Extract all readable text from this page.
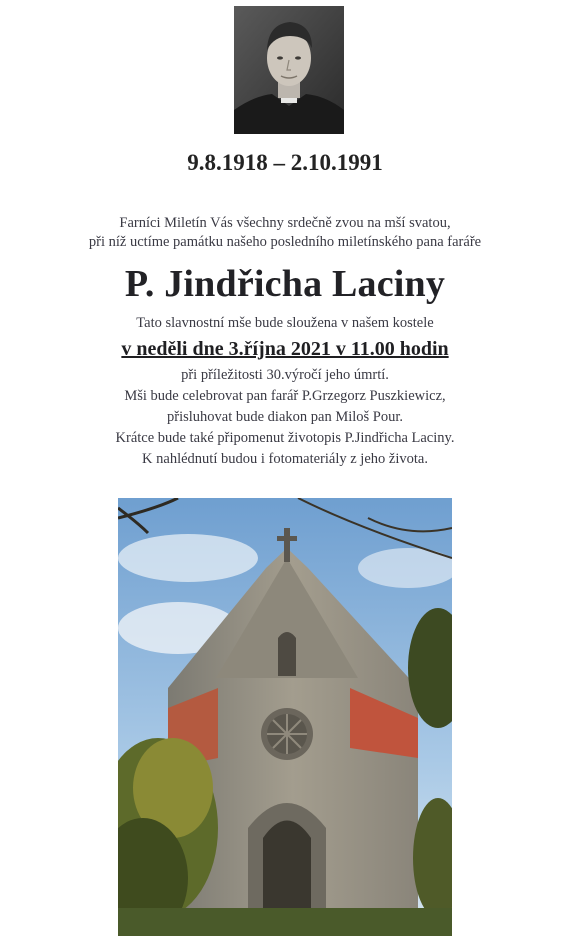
9.8.1918 – 2.10.1991
Farníci Miletín Vás všechny srdečně zvou na mší svatou,
při níž uctíme památku našeho posledního miletínského pana faráře
P. Jindřicha Laciny
Tato slavnostní mše bude sloužena v našem kostele
v neděli dne 3.října 2021 v 11.00 hodin
při příležitosti 30.výročí jeho úmrtí.
Mši bude celebrovat pan farář P.Grzegorz Puszkiewicz,
přisluhovat bude diakon pan Miloš Pour.
Krátce bude také připomenut životopis P.Jindřicha Laciny.
K nahlédnutí budou i fotomateriály z jeho života.
